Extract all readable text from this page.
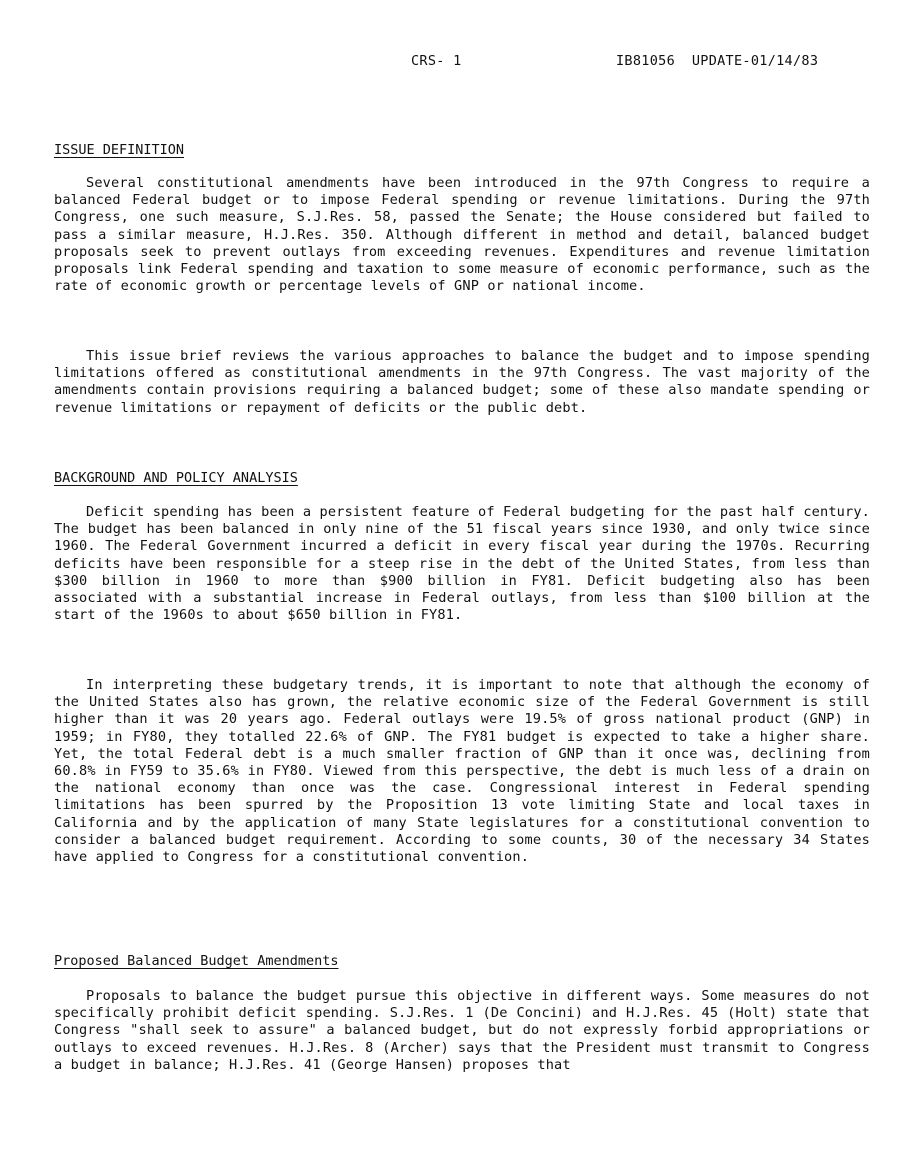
CRS- 1	IB81056  UPDATE-01/14/83
ISSUE DEFINITION

Several constitutional amendments have been introduced in the 97th Congress to require a balanced Federal budget or to impose Federal spending or revenue limitations. During the 97th Congress, one such measure, S.J.Res. 58, passed the Senate; the House considered but failed to pass a similar measure, H.J.Res. 350. Although different in method and detail, balanced budget proposals seek to prevent outlays from exceeding revenues. Expenditures and revenue limitation proposals link Federal spending and taxation to some measure of economic performance, such as the rate of economic growth or percentage levels of GNP or national income.

This issue brief reviews the various approaches to balance the budget and to impose spending limitations offered as constitutional amendments in the 97th Congress. The vast majority of the amendments contain provisions requiring a balanced budget; some of these also mandate spending or revenue limitations or repayment of deficits or the public debt.

BACKGROUND AND POLICY ANALYSIS

Deficit spending has been a persistent feature of Federal budgeting for the past half century. The budget has been balanced in only nine of the 51 fiscal years since 1930, and only twice since 1960. The Federal Government incurred a deficit in every fiscal year during the 1970s. Recurring deficits have been responsible for a steep rise in the debt of the United States, from less than $300 billion in 1960 to more than $900 billion in FY81. Deficit budgeting also has been associated with a substantial increase in Federal outlays, from less than $100 billion at the start of the 1960s to about $650 billion in FY81.

In interpreting these budgetary trends, it is important to note that although the economy of the United States also has grown, the relative economic size of the Federal Government is still higher than it was 20 years ago. Federal outlays were 19.5% of gross national product (GNP) in 1959; in FY80, they totalled 22.6% of GNP. The FY81 budget is expected to take a higher share. Yet, the total Federal debt is a much smaller fraction of GNP than it once was, declining from 60.8% in FY59 to 35.6% in FY80. Viewed from this perspective, the debt is much less of a drain on the national economy than once was the case. Congressional interest in Federal spending limitations has been spurred by the Proposition 13 vote limiting State and local taxes in California and by the application of many State legislatures for a constitutional convention to consider a balanced budget requirement. According to some counts, 30 of the necessary 34 States have applied to Congress for a constitutional convention.

Proposed Balanced Budget Amendments

Proposals to balance the budget pursue this objective in different ways. Some measures do not specifically prohibit deficit spending. S.J.Res. 1 (De Concini) and H.J.Res. 45 (Holt) state that Congress "shall seek to assure" a balanced budget, but do not expressly forbid appropriations or outlays to exceed revenues. H.J.Res. 8 (Archer) says that the President must transmit to Congress a budget in balance; H.J.Res. 41 (George Hansen) proposes that
